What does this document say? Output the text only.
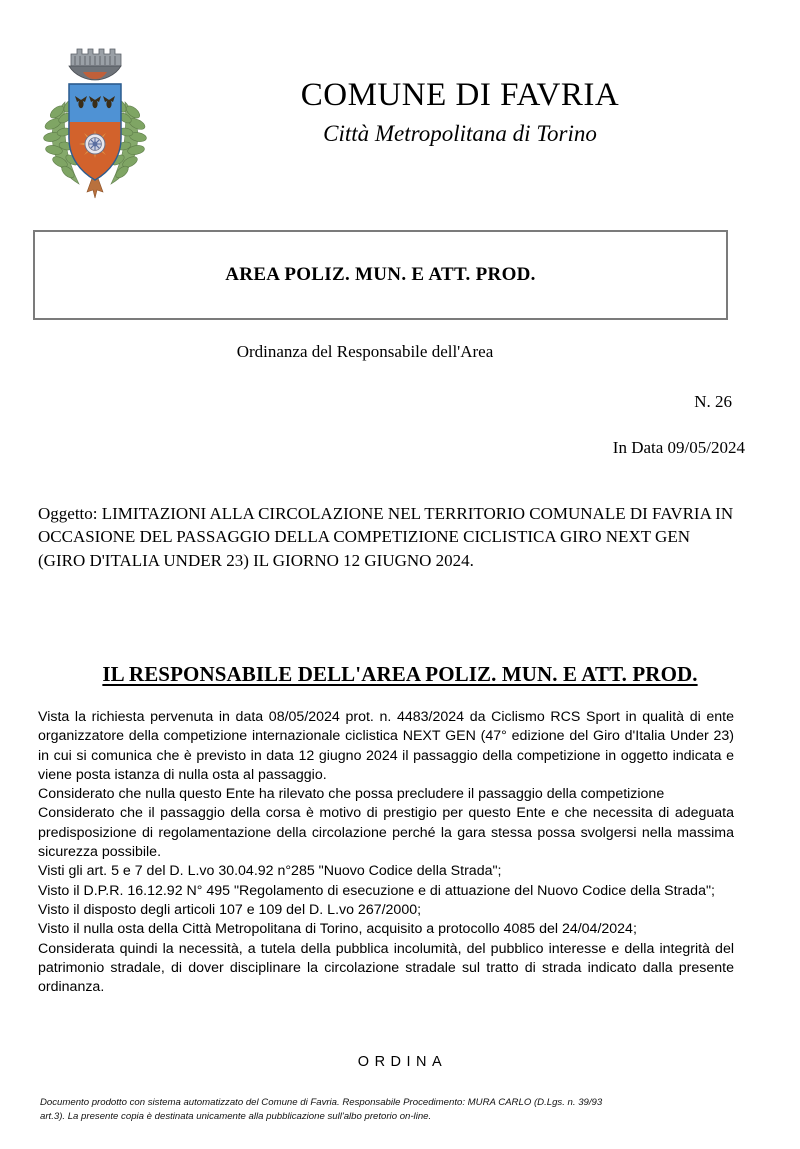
COMUNE DI FAVRIA
Città Metropolitana di Torino
AREA POLIZ. MUN. E ATT. PROD.
Ordinanza del Responsabile dell'Area
N. 26
In Data 09/05/2024
Oggetto: LIMITAZIONI ALLA CIRCOLAZIONE NEL TERRITORIO COMUNALE DI FAVRIA IN OCCASIONE DEL PASSAGGIO DELLA COMPETIZIONE CICLISTICA GIRO NEXT GEN (GIRO D'ITALIA UNDER 23) IL GIORNO 12 GIUGNO 2024.
IL RESPONSABILE DELL'AREA POLIZ. MUN. E ATT. PROD.

Vista la richiesta pervenuta in data 08/05/2024 prot. n. 4483/2024 da Ciclismo RCS Sport in qualità di ente organizzatore della competizione internazionale ciclistica NEXT GEN (47° edizione del Giro d'Italia Under 23) in cui si comunica che è previsto in data 12 giugno 2024 il passaggio della competizione in oggetto indicata e viene posta istanza di nulla osta al passaggio.

Considerato che nulla questo Ente ha rilevato che possa precludere il passaggio della competizione

Considerato che il passaggio della corsa è motivo di prestigio per questo Ente e che necessita di adeguata predisposizione di regolamentazione della circolazione perché la gara stessa possa svolgersi nella massima sicurezza possibile.

Visti gli art. 5 e 7 del D. L.vo 30.04.92 n°285 "Nuovo Codice della Strada";

Visto il D.P.R. 16.12.92 N° 495 "Regolamento di esecuzione e di attuazione del Nuovo Codice della Strada";

Visto il disposto degli articoli 107 e 109 del D. L.vo 267/2000;

Visto il nulla osta della Città Metropolitana di Torino, acquisito a protocollo 4085 del 24/04/2024;

Considerata quindi la necessità, a tutela della pubblica incolumità, del pubblico interesse e della integrità del patrimonio stradale, di dover disciplinare la circolazione stradale sul tratto di strada indicato dalla presente ordinanza.

ORDINA

Documento prodotto con sistema automatizzato del Comune di Favria. Responsabile Procedimento: MURA CARLO (D.Lgs. n. 39/93

art.3). La presente copia è destinata unicamente alla pubblicazione sull'albo pretorio on-line.
